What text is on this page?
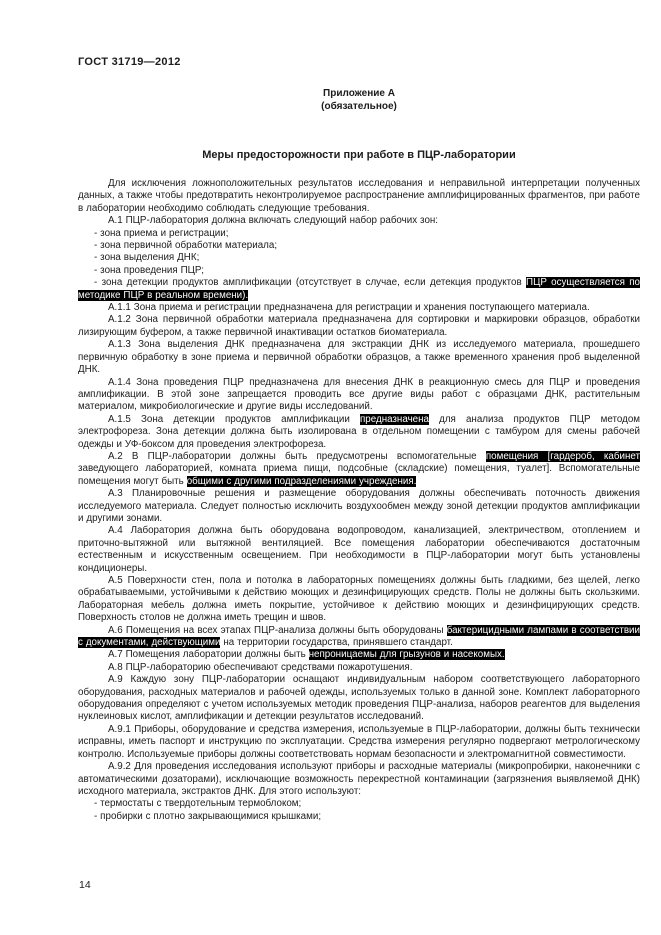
ГОСТ 31719—2012
Приложение А
(обязательное)
Меры предосторожности при работе в ПЦР-лаборатории

Для исключения ложноположительных результатов исследования и неправильной интерпретации полученных данных, а также чтобы предотвратить неконтролируемое распространение амплифицированных фрагментов, при работе в лаборатории необходимо соблюдать следующие требования.

А.1 ПЦР-лаборатория должна включать следующий набор рабочих зон:

- зона приема и регистрации;

- зона первичной обработки материала;

- зона выделения ДНК;

- зона проведения ПЦР;

- зона детекции продуктов амплификации (отсутствует в случае, если детекция продуктов ПЦР осуществляется по методике ПЦР в реальном времени).

А.1.1 Зона приема и регистрации предназначена для регистрации и хранения поступающего материала.

А.1.2 Зона первичной обработки материала предназначена для сортировки и маркировки образцов, обработки лизирующим буфером, а также первичной инактивации остатков биоматериала.

А.1.3 Зона выделения ДНК предназначена для экстракции ДНК из исследуемого материала, прошедшего первичную обработку в зоне приема и первичной обработки образцов, а также временного хранения проб выделенной ДНК.

А.1.4 Зона проведения ПЦР предназначена для внесения ДНК в реакционную смесь для ПЦР и проведения амплификации. В этой зоне запрещается проводить все другие виды работ с образцами ДНК, растительным материалом, микробиологические и другие виды исследований.

А.1.5 Зона детекции продуктов амплификации предназначена для анализа продуктов ПЦР методом электрофореза. Зона детекции должна быть изолирована в отдельном помещении с тамбуром для смены рабочей одежды и УФ-боксом для проведения электрофореза.

А.2 В ПЦР-лаборатории должны быть предусмотрены вспомогательные помещения [гардероб, кабинет заведующего лабораторией, комната приема пищи, подсобные (складские) помещения, туалет]. Вспомогательные помещения могут быть общими с другими подразделениями учреждения.

А.3 Планировочные решения и размещение оборудования должны обеспечивать поточность движения исследуемого материала. Следует полностью исключить воздухообмен между зоной детекции продуктов амплификации и другими зонами.

А.4 Лаборатория должна быть оборудована водопроводом, канализацией, электричеством, отоплением и приточно-вытяжной или вытяжной вентиляцией. Все помещения лаборатории обеспечиваются достаточным естественным и искусственным освещением. При необходимости в ПЦР-лаборатории могут быть установлены кондиционеры.

А.5 Поверхности стен, пола и потолка в лабораторных помещениях должны быть гладкими, без щелей, легко обрабатываемыми, устойчивыми к действию моющих и дезинфицирующих средств. Полы не должны быть скользкими. Лабораторная мебель должна иметь покрытие, устойчивое к действию моющих и дезинфицирующих средств. Поверхность столов не должна иметь трещин и швов.

А.6 Помещения на всех этапах ПЦР-анализа должны быть оборудованы бактерицидными лампами в соответствии с документами, действующими на территории государства, принявшего стандарт.

А.7 Помещения лаборатории должны быть непроницаемы для грызунов и насекомых.

А.8 ПЦР-лабораторию обеспечивают средствами пожаротушения.

А.9 Каждую зону ПЦР-лаборатории оснащают индивидуальным набором соответствующего лабораторного оборудования, расходных материалов и рабочей одежды, используемых только в данной зоне. Комплект лабораторного оборудования определяют с учетом используемых методик проведения ПЦР-анализа, наборов реагентов для выделения нуклеиновых кислот, амплификации и детекции результатов исследований.

А.9.1 Приборы, оборудование и средства измерения, используемые в ПЦР-лаборатории, должны быть технически исправны, иметь паспорт и инструкцию по эксплуатации. Средства измерения регулярно подвергают метрологическому контролю. Используемые приборы должны соответствовать нормам безопасности и электромагнитной совместимости.

А.9.2 Для проведения исследования используют приборы и расходные материалы (микропробирки, наконечники с автоматическими дозаторами), исключающие возможность перекрестной контаминации (загрязнения выявляемой ДНК) исходного материала, экстрактов ДНК. Для этого используют:

- термостаты с твердотельным термоблоком;

- пробирки с плотно закрывающимися крышками;

14
